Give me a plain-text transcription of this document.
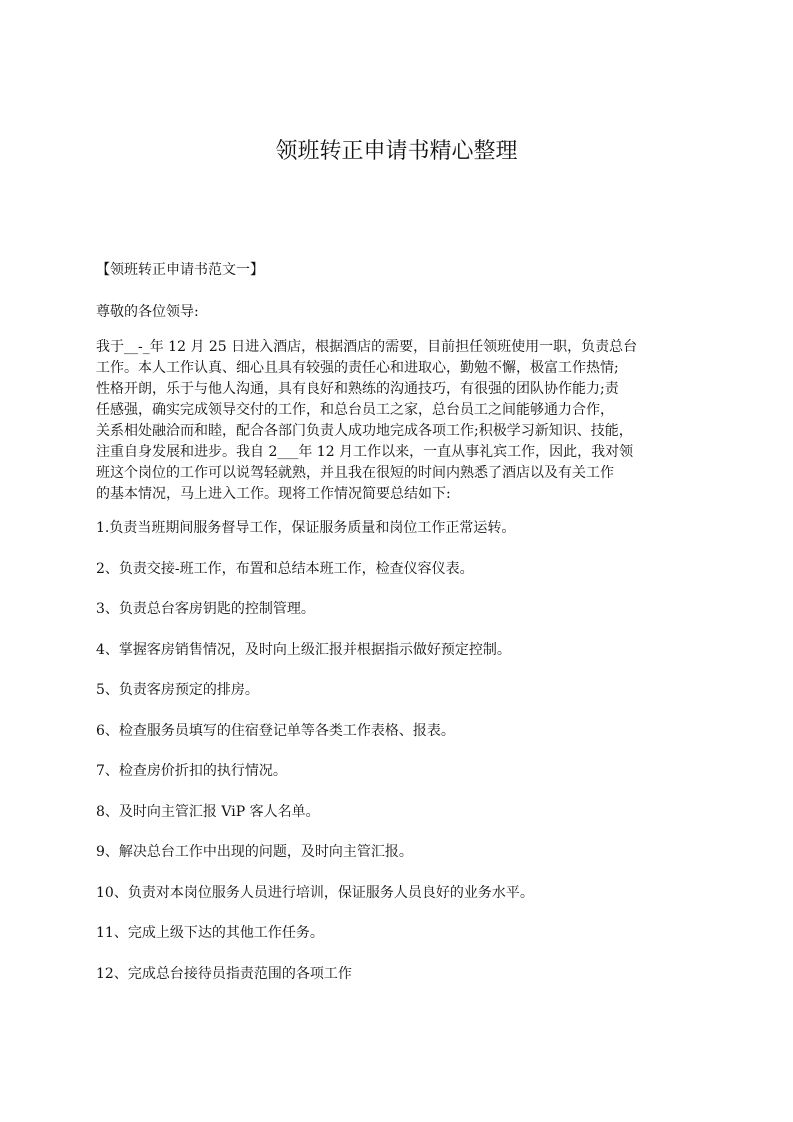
领班转正申请书精心整理

【领班转正申请书范文一】

尊敬的各位领导:

我于__-_年 12 月 25 日进入酒店，根据酒店的需要，目前担任领班使用一职，负责总台
工作。本人工作认真、细心且具有较强的责任心和进取心，勤勉不懈，极富工作热情;
性格开朗，乐于与他人沟通，具有良好和熟练的沟通技巧，有很强的团队协作能力;责
任感强，确实完成领导交付的工作，和总台员工之家，总台员工之间能够通力合作，
关系相处融洽而和睦，配合各部门负责人成功地完成各项工作;积极学习新知识、技能，
注重自身发展和进步。我自 2___年 12 月工作以来，一直从事礼宾工作，因此，我对领
班这个岗位的工作可以说驾轻就熟，并且我在很短的时间内熟悉了酒店以及有关工作
的基本情况，马上进入工作。现将工作情况简要总结如下:

1.负责当班期间服务督导工作，保证服务质量和岗位工作正常运转。
2、负责交接-班工作，布置和总结本班工作，检查仪容仪表。
3、负责总台客房钥匙的控制管理。
4、掌握客房销售情况，及时向上级汇报并根据指示做好预定控制。
5、负责客房预定的排房。
6、检查服务员填写的住宿登记单等各类工作表格、报表。
7、检查房价折扣的执行情况。
8、及时向主管汇报 ViP 客人名单。
9、解决总台工作中出现的问题，及时向主管汇报。
10、负责对本岗位服务人员进行培训，保证服务人员良好的业务水平。
11、完成上级下达的其他工作任务。
12、完成总台接待员指责范围的各项工作
